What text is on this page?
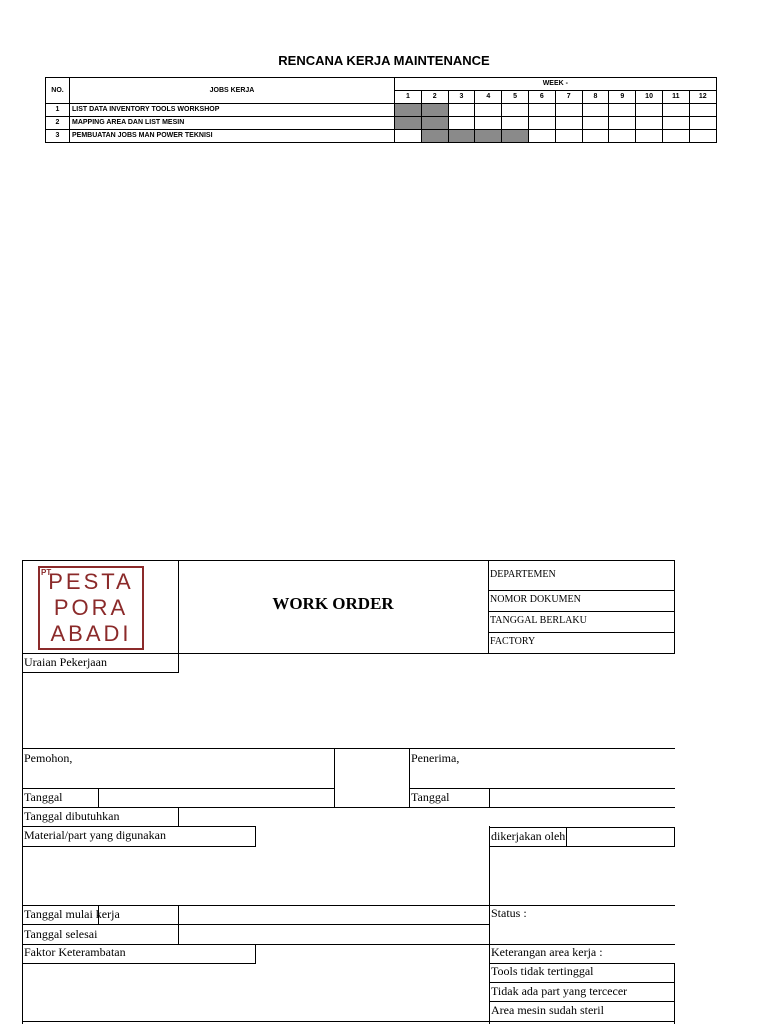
RENCANA KERJA MAINTENANCE
NO.	JOBS KERJA	WEEK -											
		1	2	3	4	5	6	7	8	9	10	11	12
1	LIST DATA INVENTORY TOOLS WORKSHOP												
2	MAPPING AREA DAN LIST MESIN												
3	PEMBUATAN JOBS MAN POWER TEKNISI												
PT
PESTA
PORA
ABADI
WORK ORDER
DEPARTEMEN
NOMOR DOKUMEN
TANGGAL BERLAKU
FACTORY
Uraian Pekerjaan
Pemohon,	Penerima,
Tanggal	Tanggal
Tanggal dibutuhkan
Material/part yang digunakan	dikerjakan oleh
Tanggal mulai kerja	Status :
Tanggal selesai
Faktor Keterambatan	Keterangan area kerja :
Tools tidak tertinggal
Tidak ada part yang tercecer
Area mesin sudah steril
